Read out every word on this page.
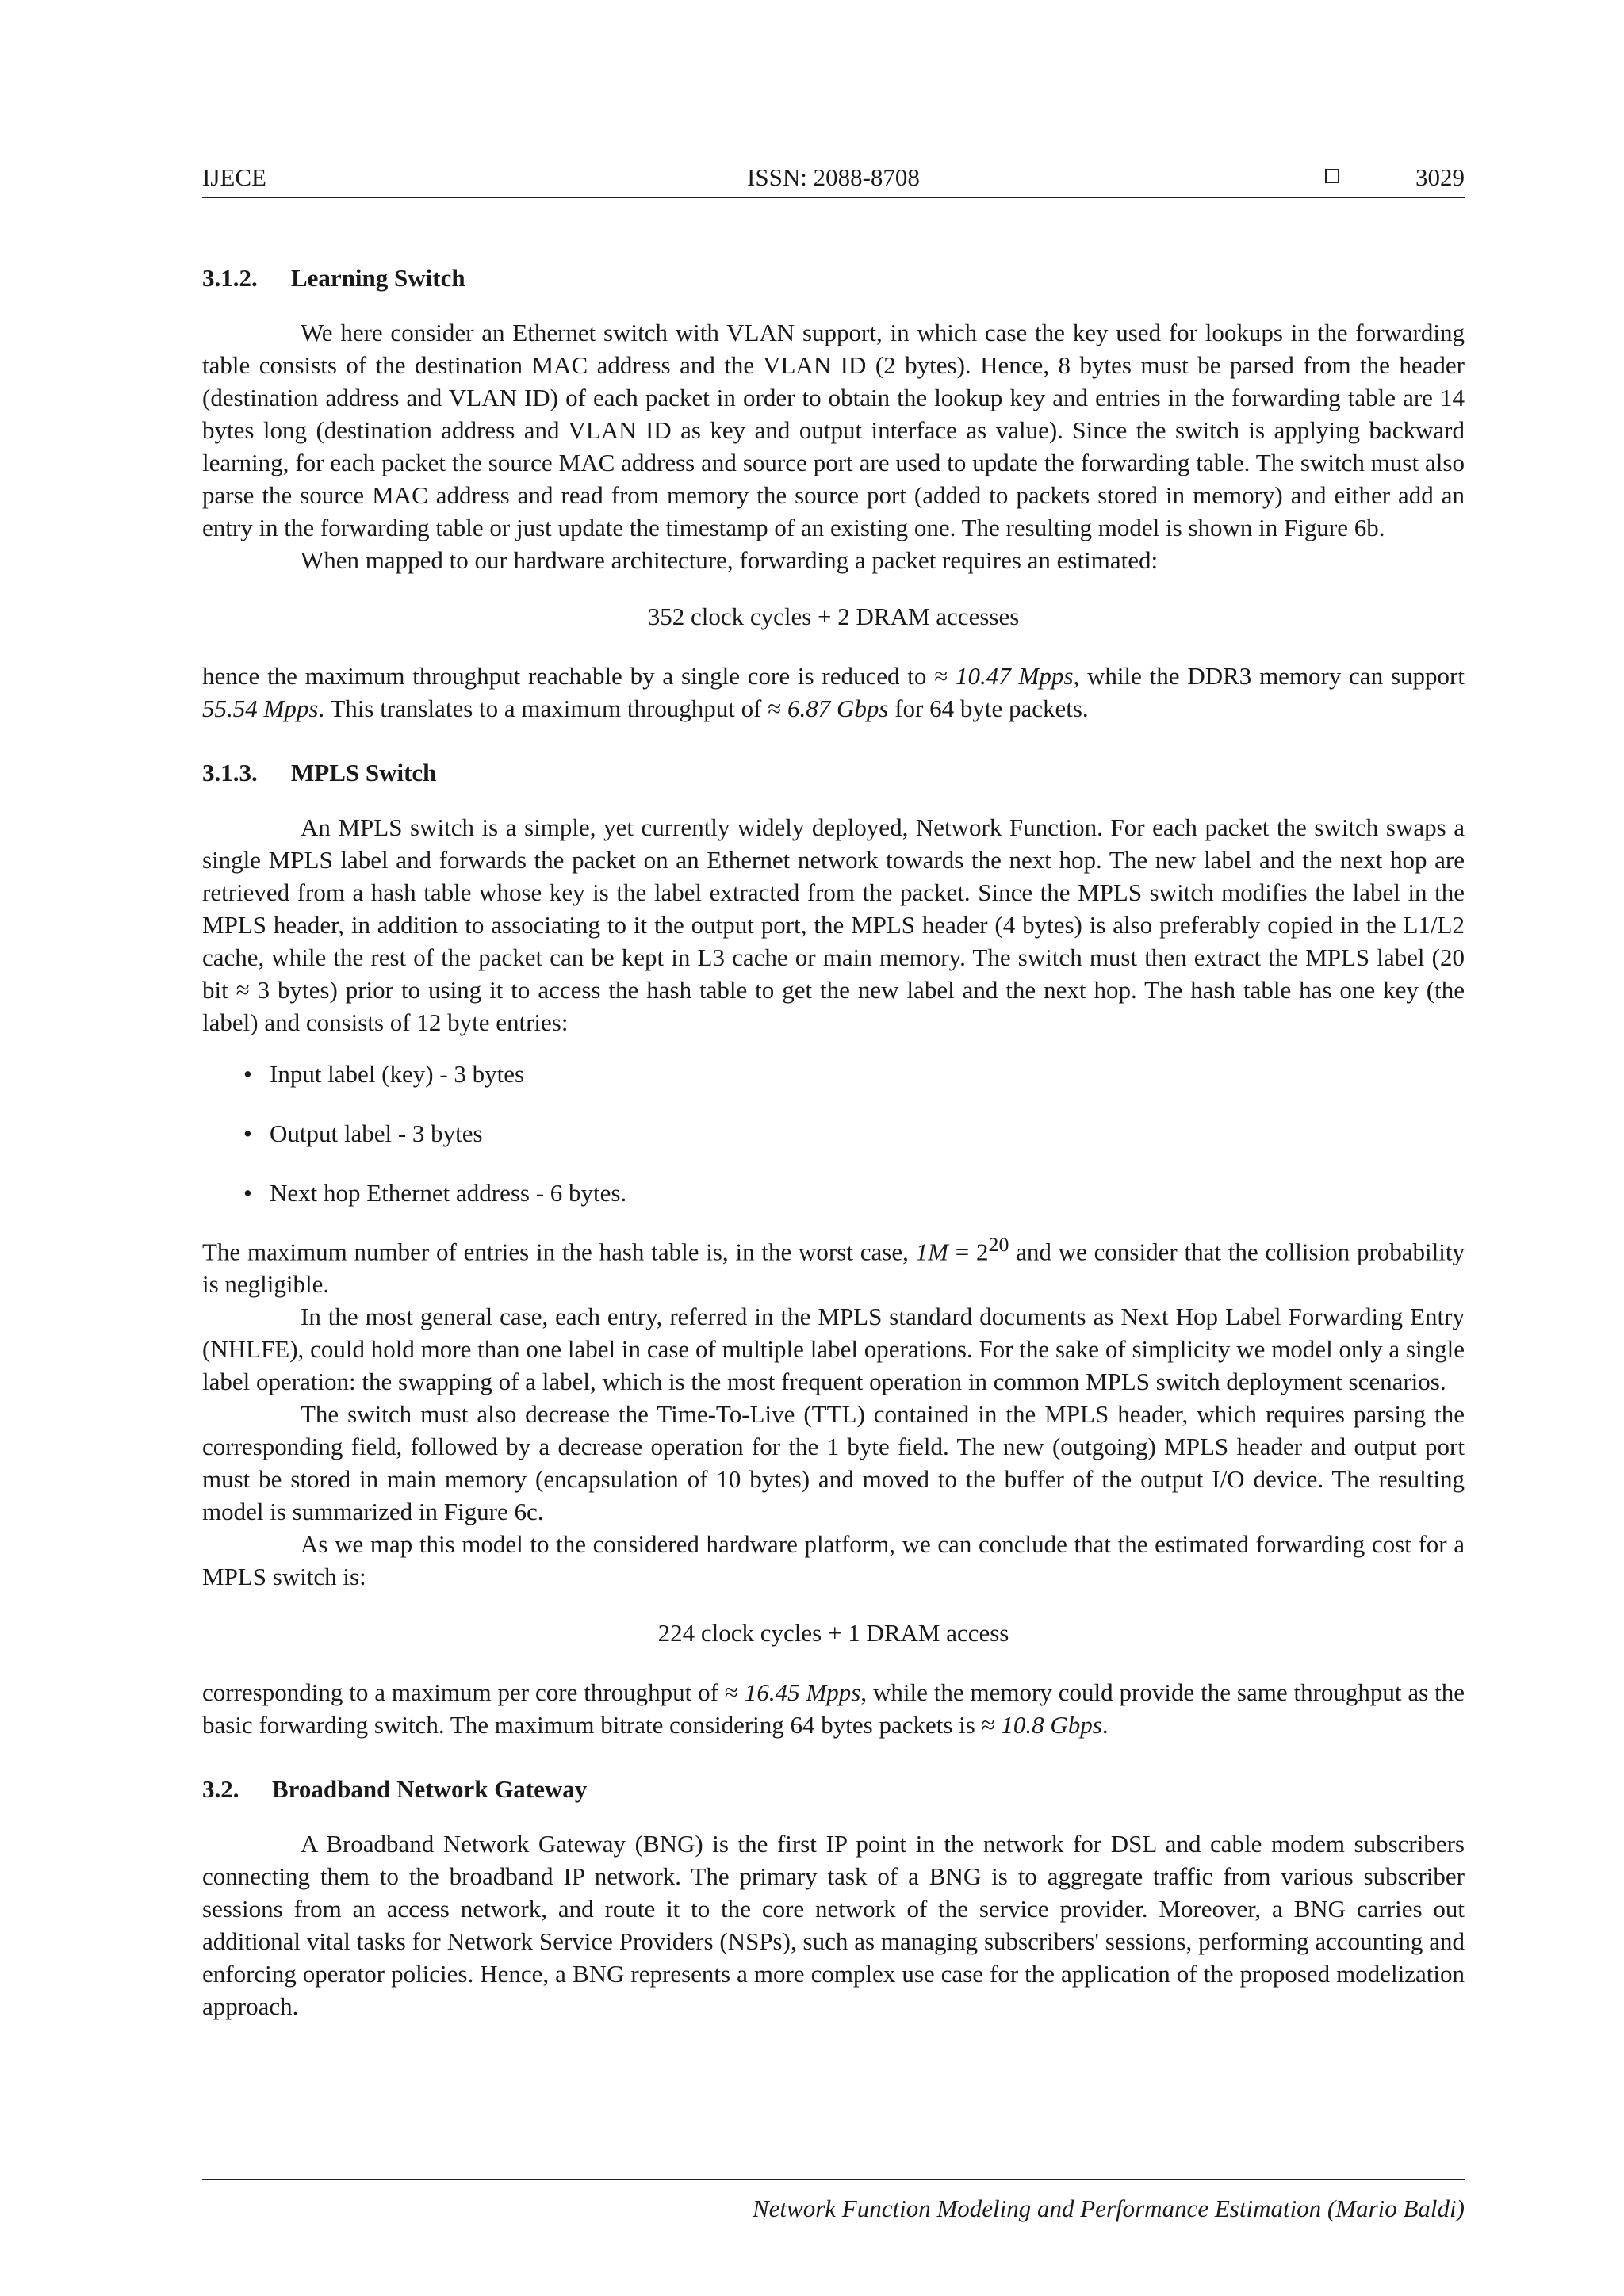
IJECE	ISSN: 2088-8708	3029
3.1.2. Learning Switch

We here consider an Ethernet switch with VLAN support, in which case the key used for lookups in the forwarding table consists of the destination MAC address and the VLAN ID (2 bytes). Hence, 8 bytes must be parsed from the header (destination address and VLAN ID) of each packet in order to obtain the lookup key and entries in the forwarding table are 14 bytes long (destination address and VLAN ID as key and output interface as value). Since the switch is applying backward learning, for each packet the source MAC address and source port are used to update the forwarding table. The switch must also parse the source MAC address and read from memory the source port (added to packets stored in memory) and either add an entry in the forwarding table or just update the timestamp of an existing one. The resulting model is shown in Figure 6b.

When mapped to our hardware architecture, forwarding a packet requires an estimated:

352 clock cycles + 2 DRAM accesses

hence the maximum throughput reachable by a single core is reduced to ≈ 10.47 Mpps, while the DDR3 memory can support 55.54 Mpps. This translates to a maximum throughput of ≈ 6.87 Gbps for 64 byte packets.

3.1.3. MPLS Switch

An MPLS switch is a simple, yet currently widely deployed, Network Function. For each packet the switch swaps a single MPLS label and forwards the packet on an Ethernet network towards the next hop. The new label and the next hop are retrieved from a hash table whose key is the label extracted from the packet. Since the MPLS switch modifies the label in the MPLS header, in addition to associating to it the output port, the MPLS header (4 bytes) is also preferably copied in the L1/L2 cache, while the rest of the packet can be kept in L3 cache or main memory. The switch must then extract the MPLS label (20 bit ≈ 3 bytes) prior to using it to access the hash table to get the new label and the next hop. The hash table has one key (the label) and consists of 12 byte entries:

• Input label (key) - 3 bytes
• Output label - 3 bytes
• Next hop Ethernet address - 6 bytes.

The maximum number of entries in the hash table is, in the worst case, $1M = 2^{20}$ and we consider that the collision probability is negligible.

In the most general case, each entry, referred in the MPLS standard documents as Next Hop Label Forwarding Entry (NHLFE), could hold more than one label in case of multiple label operations. For the sake of simplicity we model only a single label operation: the swapping of a label, which is the most frequent operation in common MPLS switch deployment scenarios.

The switch must also decrease the Time-To-Live (TTL) contained in the MPLS header, which requires parsing the corresponding field, followed by a decrease operation for the 1 byte field. The new (outgoing) MPLS header and output port must be stored in main memory (encapsulation of 10 bytes) and moved to the buffer of the output I/O device. The resulting model is summarized in Figure 6c.

As we map this model to the considered hardware platform, we can conclude that the estimated forwarding cost for a MPLS switch is:

224 clock cycles + 1 DRAM access

corresponding to a maximum per core throughput of ≈ 16.45 Mpps, while the memory could provide the same throughput as the basic forwarding switch. The maximum bitrate considering 64 bytes packets is ≈ 10.8 Gbps.

3.2. Broadband Network Gateway

A Broadband Network Gateway (BNG) is the first IP point in the network for DSL and cable modem subscribers connecting them to the broadband IP network. The primary task of a BNG is to aggregate traffic from various subscriber sessions from an access network, and route it to the core network of the service provider. Moreover, a BNG carries out additional vital tasks for Network Service Providers (NSPs), such as managing subscribers' sessions, performing accounting and enforcing operator policies. Hence, a BNG represents a more complex use case for the application of the proposed modelization approach.

Network Function Modeling and Performance Estimation (Mario Baldi)
